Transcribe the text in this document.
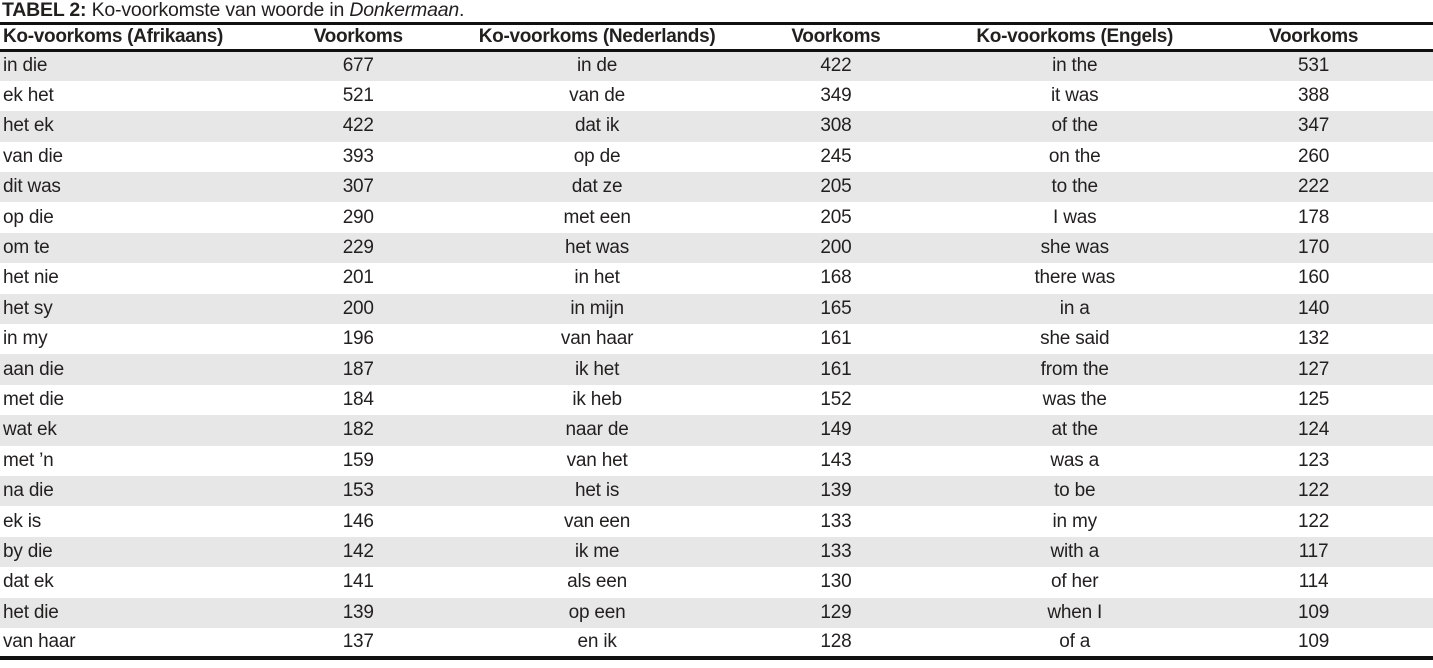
TABEL 2: Ko-voorkomste van woorde in Donkermaan.
Ko-voorkoms (Afrikaans)	Voorkoms	Ko-voorkoms (Nederlands)	Voorkoms	Ko-voorkoms (Engels)	Voorkoms
in die	677	in de	422	in the	531
ek het	521	van de	349	it was	388
het ek	422	dat ik	308	of the	347
van die	393	op de	245	on the	260
dit was	307	dat ze	205	to the	222
op die	290	met een	205	I was	178
om te	229	het was	200	she was	170
het nie	201	in het	168	there was	160
het sy	200	in mijn	165	in a	140
in my	196	van haar	161	she said	132
aan die	187	ik het	161	from the	127
met die	184	ik heb	152	was the	125
wat ek	182	naar de	149	at the	124
met ’n	159	van het	143	was a	123
na die	153	het is	139	to be	122
ek is	146	van een	133	in my	122
by die	142	ik me	133	with a	117
dat ek	141	als een	130	of her	114
het die	139	op een	129	when I	109
van haar	137	en ik	128	of a	109
